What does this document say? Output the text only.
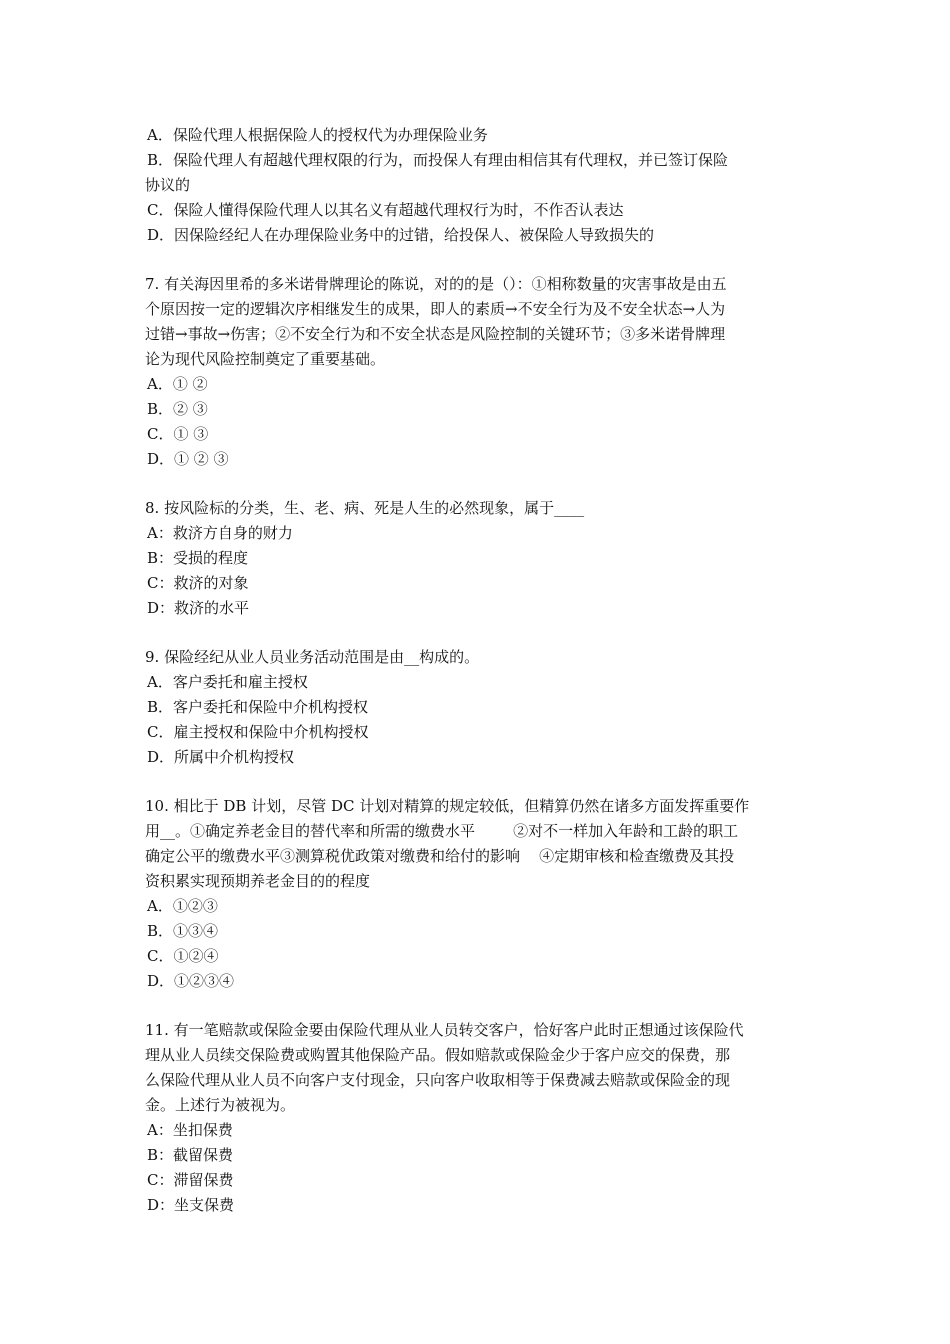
A．保险代理人根据保险人的授权代为办理保险业务
B．保险代理人有超越代理权限的行为，而投保人有理由相信其有代理权，并已签订保险
协议的
C．保险人懂得保险代理人以其名义有超越代理权行为时，不作否认表达
D．因保险经纪人在办理保险业务中的过错，给投保人、被保险人导致损失的
7. 有关海因里希的多米诺骨牌理论的陈说，对的的是（）：①相称数量的灾害事故是由五
个原因按一定的逻辑次序相继发生的成果，即人的素质→不安全行为及不安全状态→人为
过错→事故→伤害；②不安全行为和不安全状态是风险控制的关键环节；③多米诺骨牌理
论为现代风险控制奠定了重要基础。
A．① ②
B．② ③
C．① ③
D．① ② ③
8. 按风险标的分类，生、老、病、死是人生的必然现象，属于____
A：救济方自身的财力
B：受损的程度
C：救济的对象
D：救济的水平
9. 保险经纪从业人员业务活动范围是由__构成的。
A．客户委托和雇主授权
B．客户委托和保险中介机构授权
C．雇主授权和保险中介机构授权
D．所属中介机构授权
10. 相比于 DB 计划，尽管 DC 计划对精算的规定较低，但精算仍然在诸多方面发挥重要作
用__。①确定养老金目的替代率和所需的缴费水平        ②对不一样加入年龄和工龄的职工
确定公平的缴费水平③测算税优政策对缴费和给付的影响    ④定期审核和检查缴费及其投
资积累实现预期养老金目的的程度
A．①②③
B．①③④
C．①②④
D．①②③④
11. 有一笔赔款或保险金要由保险代理从业人员转交客户，恰好客户此时正想通过该保险代
理从业人员续交保险费或购置其他保险产品。假如赔款或保险金少于客户应交的保费，那
么保险代理从业人员不向客户支付现金，只向客户收取相等于保费减去赔款或保险金的现
金。上述行为被视为。
A：坐扣保费
B：截留保费
C：滞留保费
D：坐支保费
